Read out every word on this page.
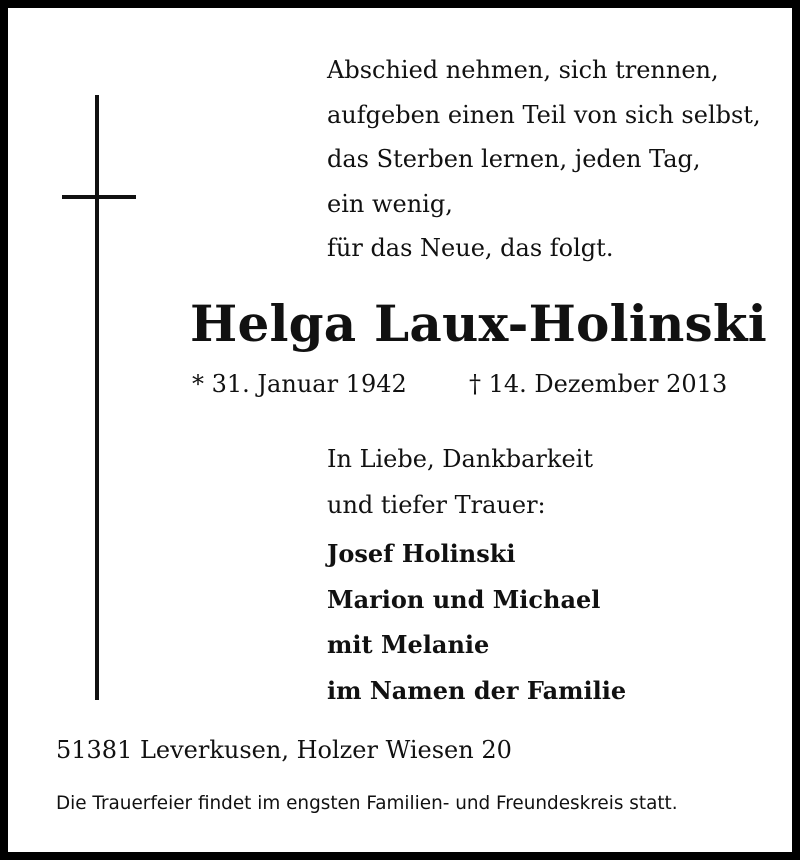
Abschied nehmen, sich trennen,
aufgeben einen Teil von sich selbst,
das Sterben lernen, jeden Tag,
ein wenig,
für das Neue, das folgt.
Helga Laux-Holinski
* 31. Januar 1942	† 14. Dezember 2013
In Liebe, Dankbarkeit
und tiefer Trauer:
Josef Holinski
Marion und Michael
mit Melanie
im Namen der Familie
51381 Leverkusen, Holzer Wiesen 20
Die Trauerfeier findet im engsten Familien- und Freundeskreis statt.
